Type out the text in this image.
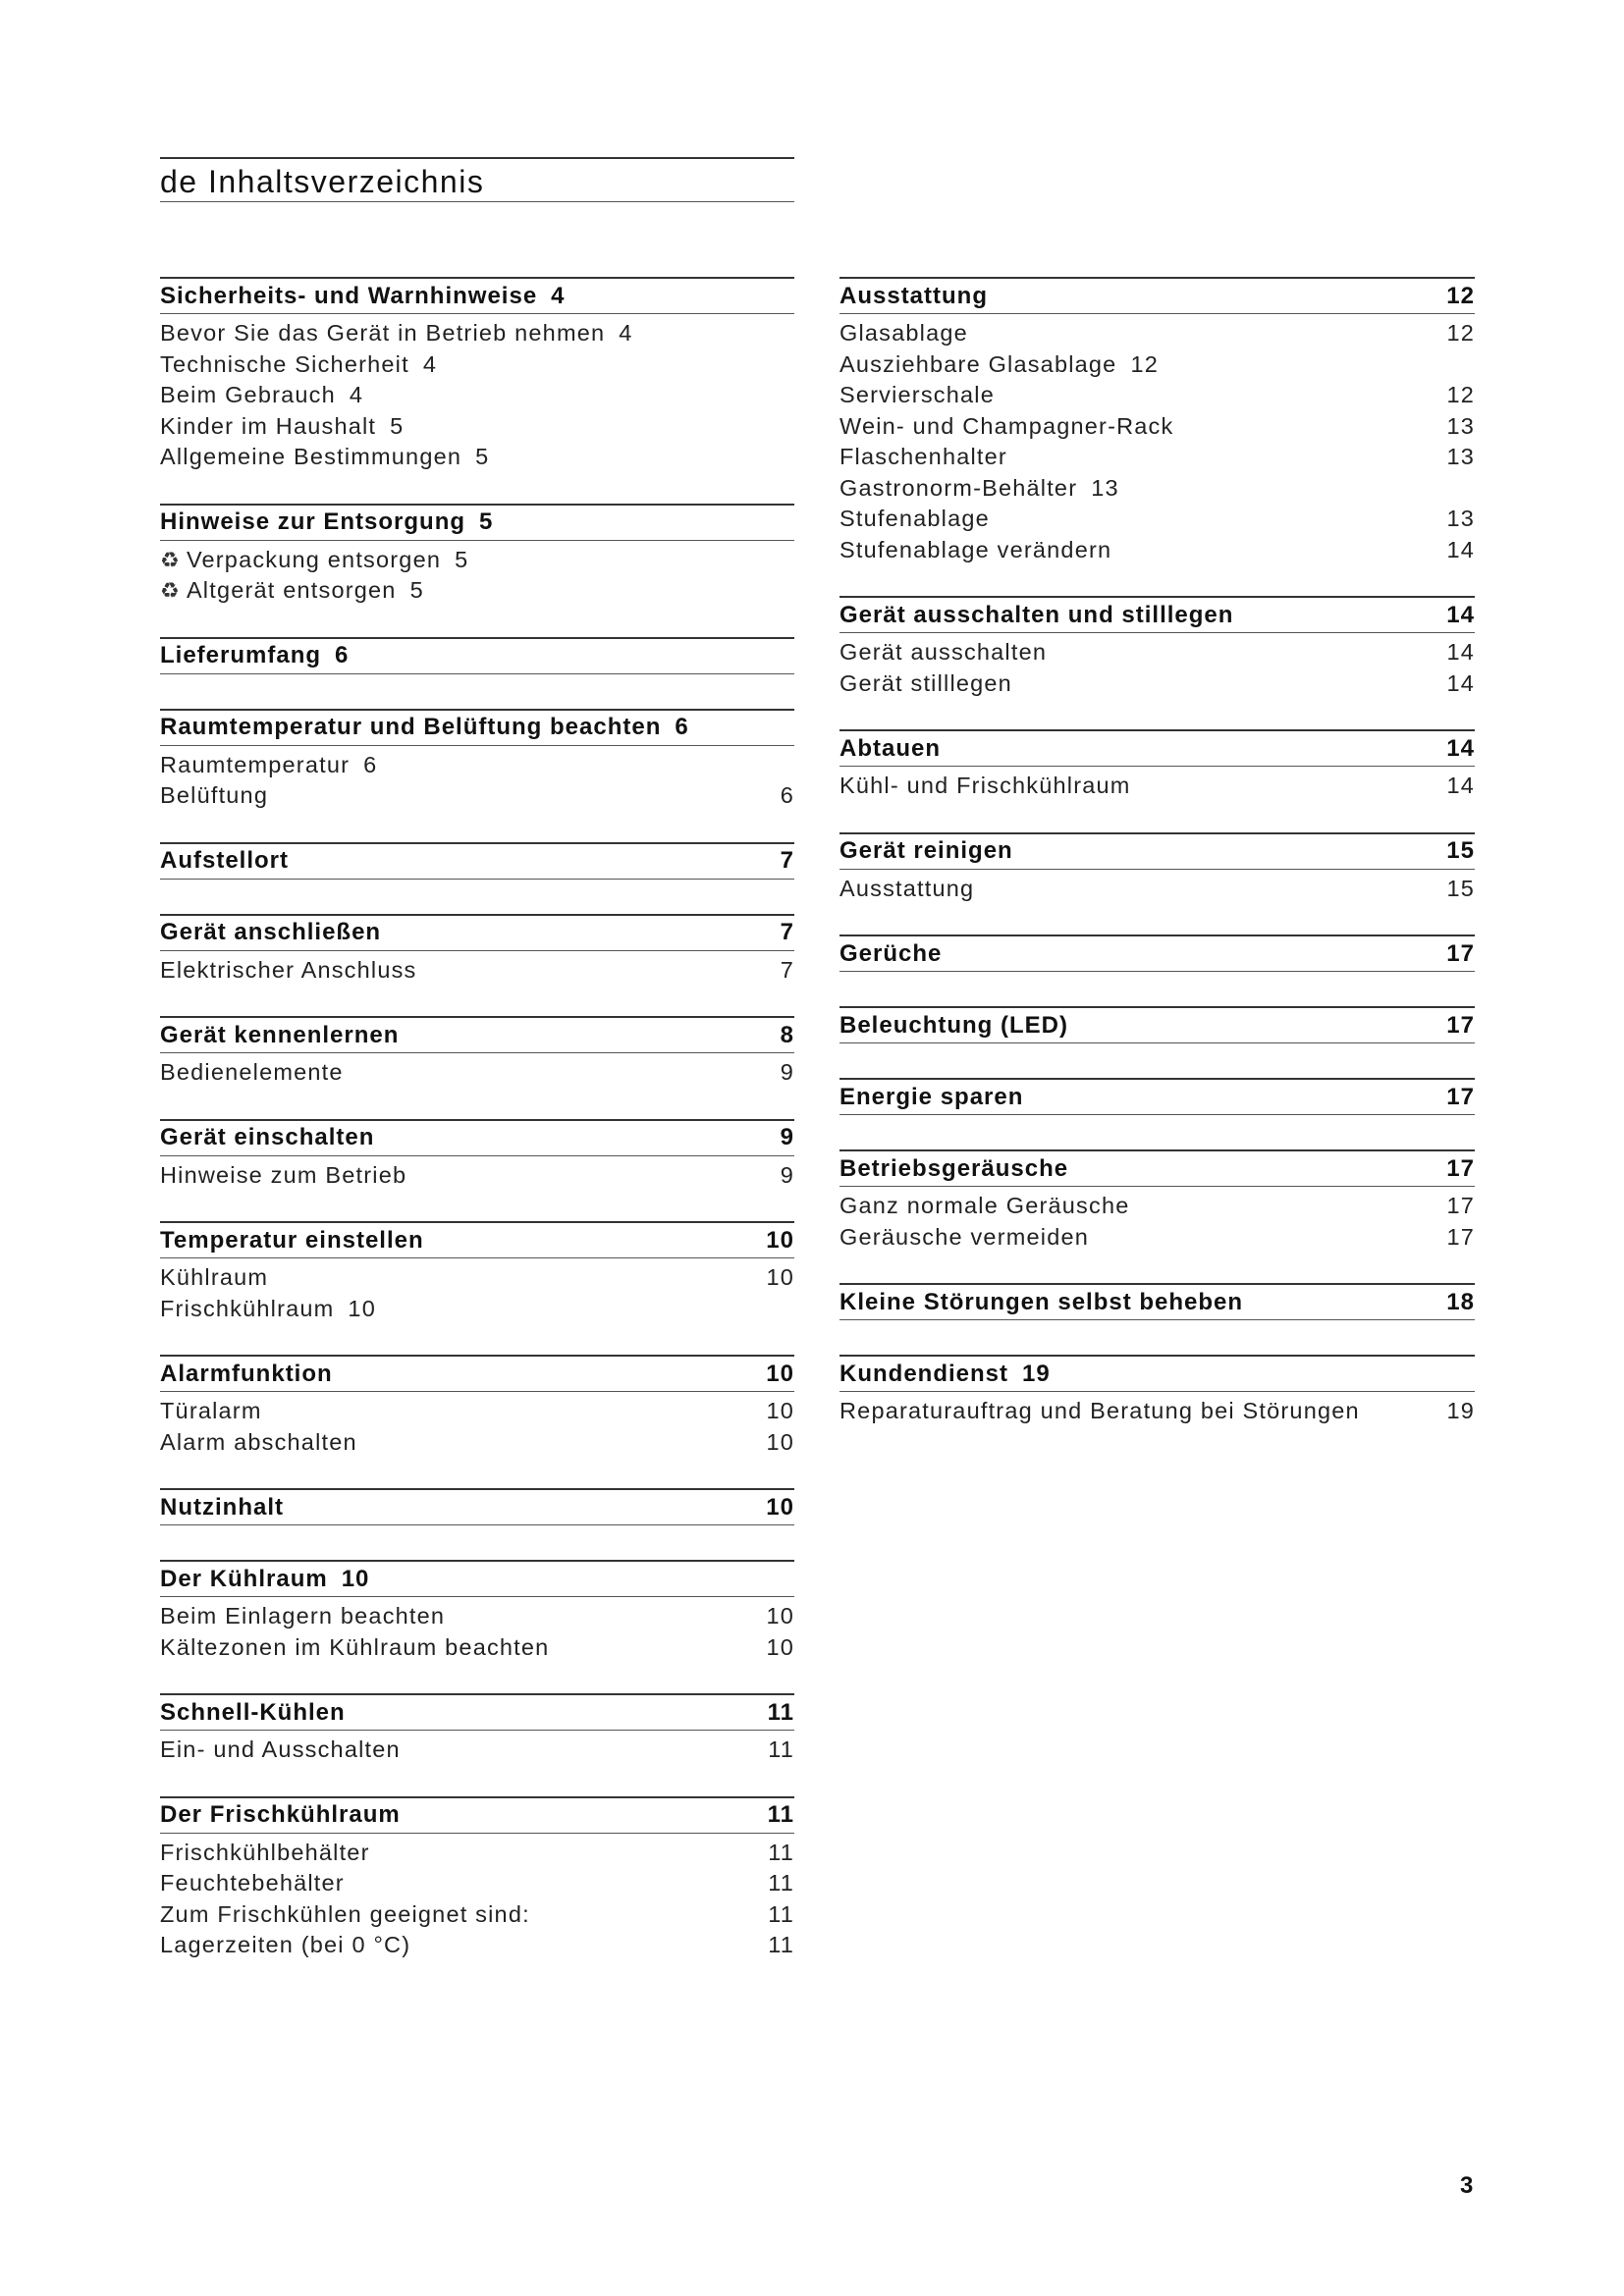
de Inhaltsverzeichnis
Sicherheits- und Warnhinweise 4
Bevor Sie das Gerät in Betrieb nehmen 4
Technische Sicherheit 4
Beim Gebrauch 4
Kinder im Haushalt 5
Allgemeine Bestimmungen 5
Hinweise zur Entsorgung 5
♻ Verpackung entsorgen 5
♻ Altgerät entsorgen 5
Lieferumfang 6
Raumtemperatur und Belüftung beachten 6
Raumtemperatur 6
Belüftung	6
Aufstellort	7
Gerät anschließen	7
Elektrischer Anschluss	7
Gerät kennenlernen	8
Bedienelemente	9
Gerät einschalten	9
Hinweise zum Betrieb	9
Temperatur einstellen	10
Kühlraum	10
Frischkühlraum 10
Alarmfunktion	10
Türalarm	10
Alarm abschalten	10
Nutzinhalt	10
Der Kühlraum 10
Beim Einlagern beachten	10
Kältezonen im Kühlraum beachten	10
Schnell-Kühlen	11
Ein- und Ausschalten	11
Der Frischkühlraum	11
Frischkühlbehälter	11
Feuchtebehälter	11
Zum Frischkühlen geeignet sind:	11
Lagerzeiten (bei 0 °C)	11
Ausstattung	12
Glasablage	12
Ausziehbare Glasablage 12
Servierschale	12
Wein- und Champagner-Rack	13
Flaschenhalter	13
Gastronorm-Behälter 13
Stufenablage	13
Stufenablage verändern	14
Gerät ausschalten und stilllegen	14
Gerät ausschalten	14
Gerät stilllegen	14
Abtauen	14
Kühl- und Frischkühlraum	14
Gerät reinigen	15
Ausstattung	15
Gerüche	17
Beleuchtung (LED)	17
Energie sparen	17
Betriebsgeräusche	17
Ganz normale Geräusche	17
Geräusche vermeiden	17
Kleine Störungen selbst beheben	18
Kundendienst 19
Reparaturauftrag und Beratung bei Störungen	19
3
